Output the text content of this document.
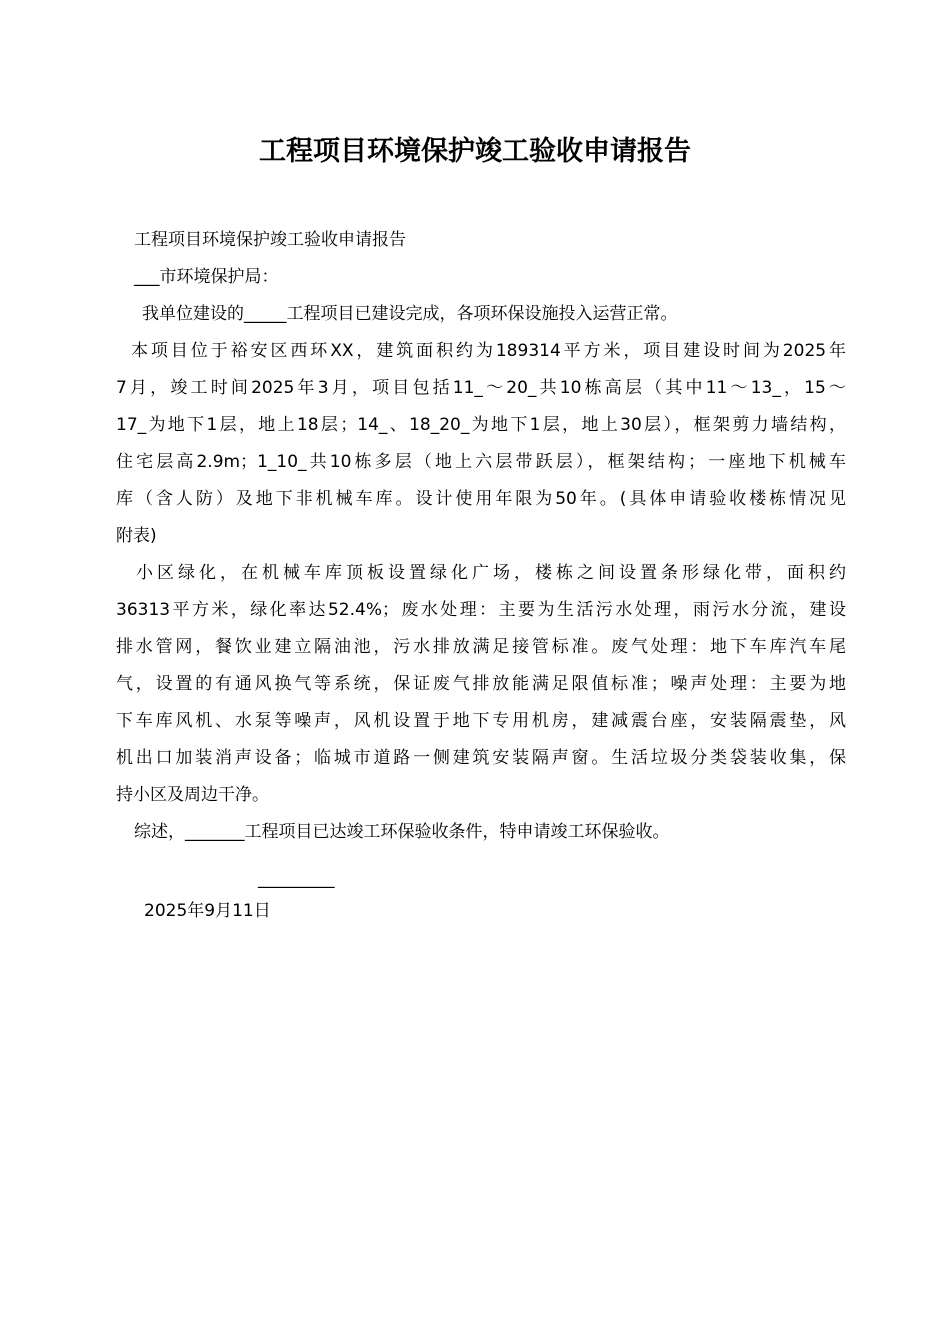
工程项目环境保护竣工验收申请报告
工程项目环境保护竣工验收申请报告
___市环境保护局：
我单位建设的_____工程项目已建设完成，各项环保设施投入运营正常。
本项目位于裕安区西环XX，建筑面积约为189314平方米，项目建设时间为2025年
7月，竣工时间2025年3月，项目包括11_～20_共10栋高层（其中11～13_，15～
17_为地下1层，地上18层；14_、18_20_为地下1层，地上30层），框架剪力墙结构，
住宅层高2.9m；1_10_共10栋多层（地上六层带跃层），框架结构；一座地下机械车
库（含人防）及地下非机械车库。设计使用年限为50年。(具体申请验收楼栋情况见
附表)
小区绿化，在机械车库顶板设置绿化广场，楼栋之间设置条形绿化带，面积约
36313平方米，绿化率达52.4%；废水处理：主要为生活污水处理，雨污水分流，建设
排水管网，餐饮业建立隔油池，污水排放满足接管标准。废气处理：地下车库汽车尾
气，设置的有通风换气等系统，保证废气排放能满足限值标准；噪声处理：主要为地
下车库风机、水泵等噪声，风机设置于地下专用机房，建减震台座，安装隔震垫，风
机出口加装消声设备；临城市道路一侧建筑安装隔声窗。生活垃圾分类袋装收集，保
持小区及周边干净。
综述，_______工程项目已达竣工环保验收条件，特申请竣工环保验收。
_________
2025年9月11日
